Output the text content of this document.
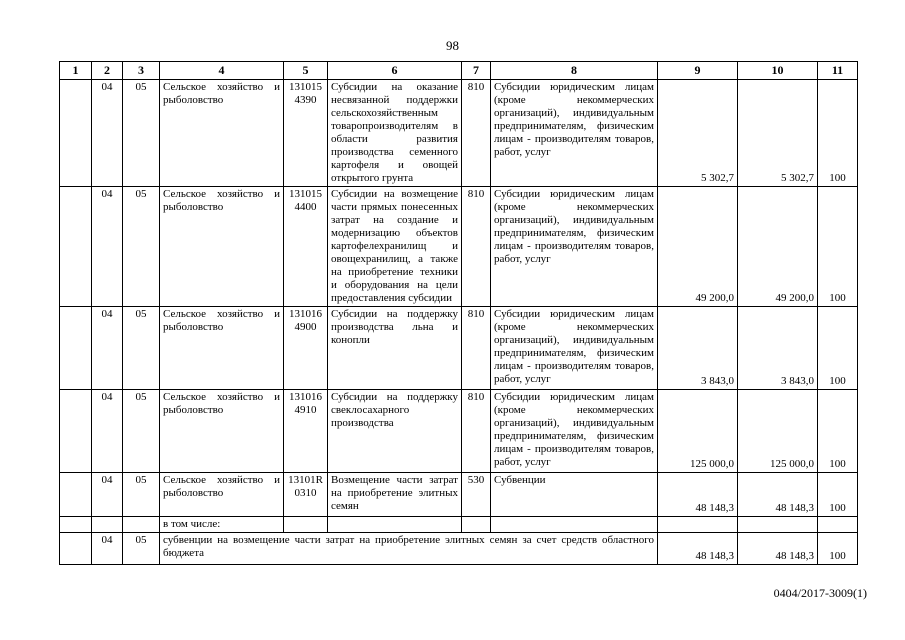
98
1	2	3	4	5	6	7	8	9	10	11
	04	05	Сельское хозяйство и рыболовство	131015 4390	Субсидии на оказание несвязанной поддержки сельскохозяйственным товаропроизводителям в области развития производства семенного картофеля и овощей открытого грунта	810	Субсидии юридическим лицам (кроме некоммерческих организаций), индивидуальным предпринимателям, физическим лицам - производителям товаров, работ, услуг	5 302,7	5 302,7	100
	04	05	Сельское хозяйство и рыболовство	131015 4400	Субсидии на возмещение части прямых понесенных затрат на создание и модернизацию объектов картофелехранилищ и овощехранилищ, а также на приобретение техники и оборудования на цели предоставления субсидии	810	Субсидии юридическим лицам (кроме некоммерческих организаций), индивидуальным предпринимателям, физическим лицам - производителям товаров, работ, услуг	49 200,0	49 200,0	100
	04	05	Сельское хозяйство и рыболовство	131016 4900	Субсидии на поддержку производства льна и конопли	810	Субсидии юридическим лицам (кроме некоммерческих организаций), индивидуальным предпринимателям, физическим лицам - производителям товаров, работ, услуг	3 843,0	3 843,0	100
	04	05	Сельское хозяйство и рыболовство	131016 4910	Субсидии на поддержку свеклосахарного производства	810	Субсидии юридическим лицам (кроме некоммерческих организаций), индивидуальным предпринимателям, физическим лицам - производителям товаров, работ, услуг	125 000,0	125 000,0	100
	04	05	Сельское хозяйство и рыболовство	13101R 0310	Возмещение части затрат на приобретение элитных семян	530	Субвенции	48 148,3	48 148,3	100
			в том числе:							
	04	05	субвенции на возмещение части затрат на приобретение элитных семян за счет средств областного бюджета					48 148,3	48 148,3	100
0404/2017-3009(1)
